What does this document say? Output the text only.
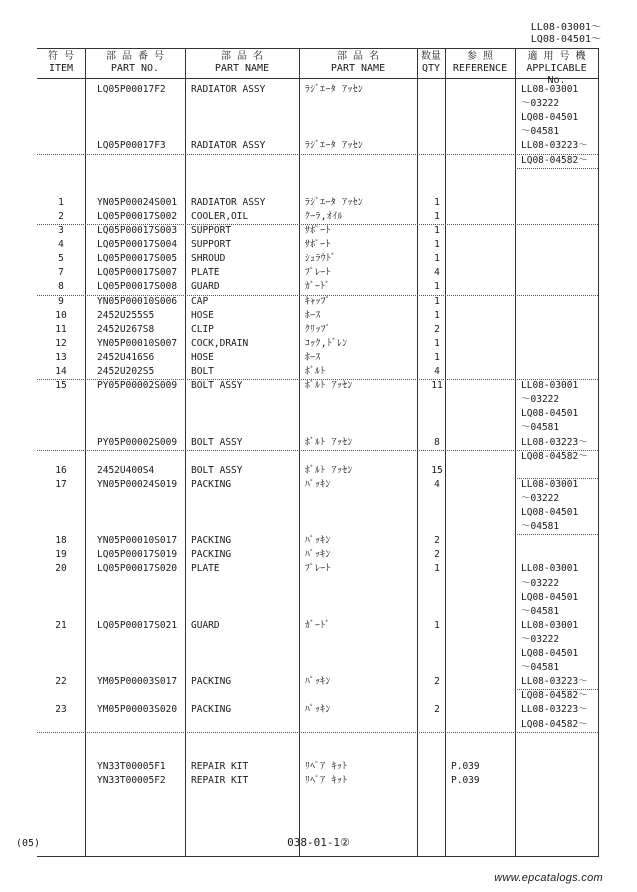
LL08-03001～
LQ08-04501～
符 号
ITEM
部 品 番 号
PART NO.
部 品 名
PART NAME
部 品 名
PART NAME
数量
QTY
参 照
REFERENCE
適 用 号 機
APPLICABLE No.
LQ05P00017F2	RADIATOR ASSY	ﾗｼﾞｴｰﾀ ｱｯｾﾝ	LL08-03001
～03222
LQ08-04501
～04581
LQ05P00017F3	RADIATOR ASSY	ﾗｼﾞｴｰﾀ ｱｯｾﾝ	LL08-03223～
LQ08-04582～
1	YN05P00024S001 RADIATOR ASSY	ﾗｼﾞｴｰﾀ ｱｯｾﾝ	1
2	LQ05P00017S002 COOLER,OIL	ｸｰﾗ,ｵｲﾙ	1
3	LQ05P00017S003 SUPPORT	ｻﾎﾟｰﾄ	1
4	LQ05P00017S004 SUPPORT	ｻﾎﾟｰﾄ	1
5	LQ05P00017S005 SHROUD	ｼｭﾗｳﾄﾞ	1
7	LQ05P00017S007 PLATE	ﾌﾟﾚｰﾄ	4
8	LQ05P00017S008 GUARD	ｶﾞｰﾄﾞ	1
9	YN05P00010S006 CAP	ｷｬｯﾌﾟ	1
10	2452U255S5	HOSE	ﾎｰｽ	1
11	2452U267S8	CLIP	ｸﾘｯﾌﾟ	2
12	YN05P00010S007 COCK,DRAIN	ｺｯｸ,ﾄﾞﾚﾝ	1
13	2452U416S6	HOSE	ﾎｰｽ	1
14	2452U202S5	BOLT	ﾎﾞﾙﾄ	4
15	PY05P00002S009 BOLT ASSY	ﾎﾞﾙﾄ ｱｯｾﾝ	11	LL08-03001
～03222
LQ08-04501
～04581
PY05P00002S009 BOLT ASSY	ﾎﾞﾙﾄ ｱｯｾﾝ	8	LL08-03223～
LQ08-04582～
16	2452U400S4	BOLT ASSY	ﾎﾞﾙﾄ ｱｯｾﾝ	15
17	YN05P00024S019 PACKING	ﾊﾟｯｷﾝ	4	LL08-03001
～03222
LQ08-04501
～04581
18	YN05P00010S017 PACKING	ﾊﾟｯｷﾝ	2
19	LQ05P00017S019 PACKING	ﾊﾟｯｷﾝ	2
20	LQ05P00017S020 PLATE	ﾌﾟﾚｰﾄ	1	LL08-03001
～03222
LQ08-04501
～04581
21	LQ05P00017S021 GUARD	ｶﾞｰﾄﾞ	1	LL08-03001
～03222
LQ08-04501
～04581
22	YM05P00003S017 PACKING	ﾊﾟｯｷﾝ	2	LL08-03223～
LQ08-04582～
23	YM05P00003S020 PACKING	ﾊﾟｯｷﾝ	2	LL08-03223～
LQ08-04582～
YN33T00005F1	REPAIR KIT	ﾘﾍﾟｱ ｷｯﾄ	P.039
YN33T00005F2	REPAIR KIT	ﾘﾍﾟｱ ｷｯﾄ	P.039
(05)	038-01-1②
www.epcatalogs.com
